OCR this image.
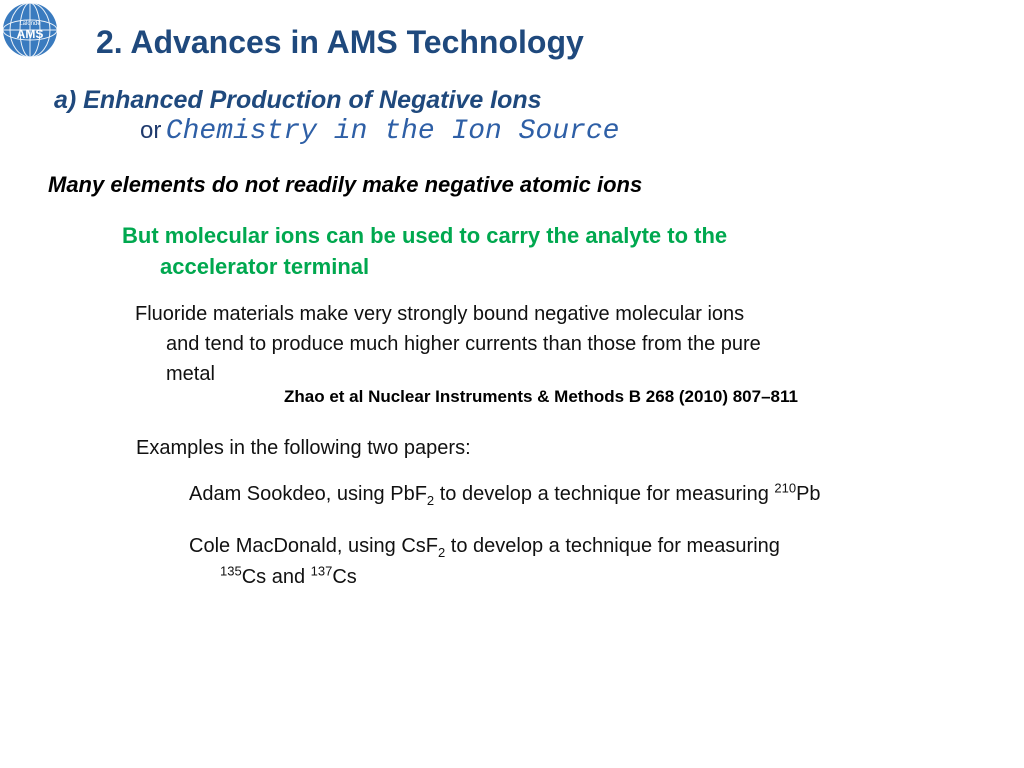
Lalonde
AMS 2. Advances in AMS Technology
a) Enhanced Production of Negative Ions
or Chemistry in the Ion Source
Many elements do not readily make negative atomic ions
But molecular ions can be used to carry the analyte to the
accelerator terminal
Fluoride materials make very strongly bound negative molecular ions
and tend to produce much higher currents than those from the pure
metal
Zhao et al Nuclear Instruments & Methods B 268 (2010) 807–811
Examples in the following two papers:
Adam Sookdeo, using PbF$_2$ to develop a technique for measuring $^{210}$Pb
Cole MacDonald, using CsF$_2$ to develop a technique for measuring
$^{135}$Cs and $^{137}$Cs
